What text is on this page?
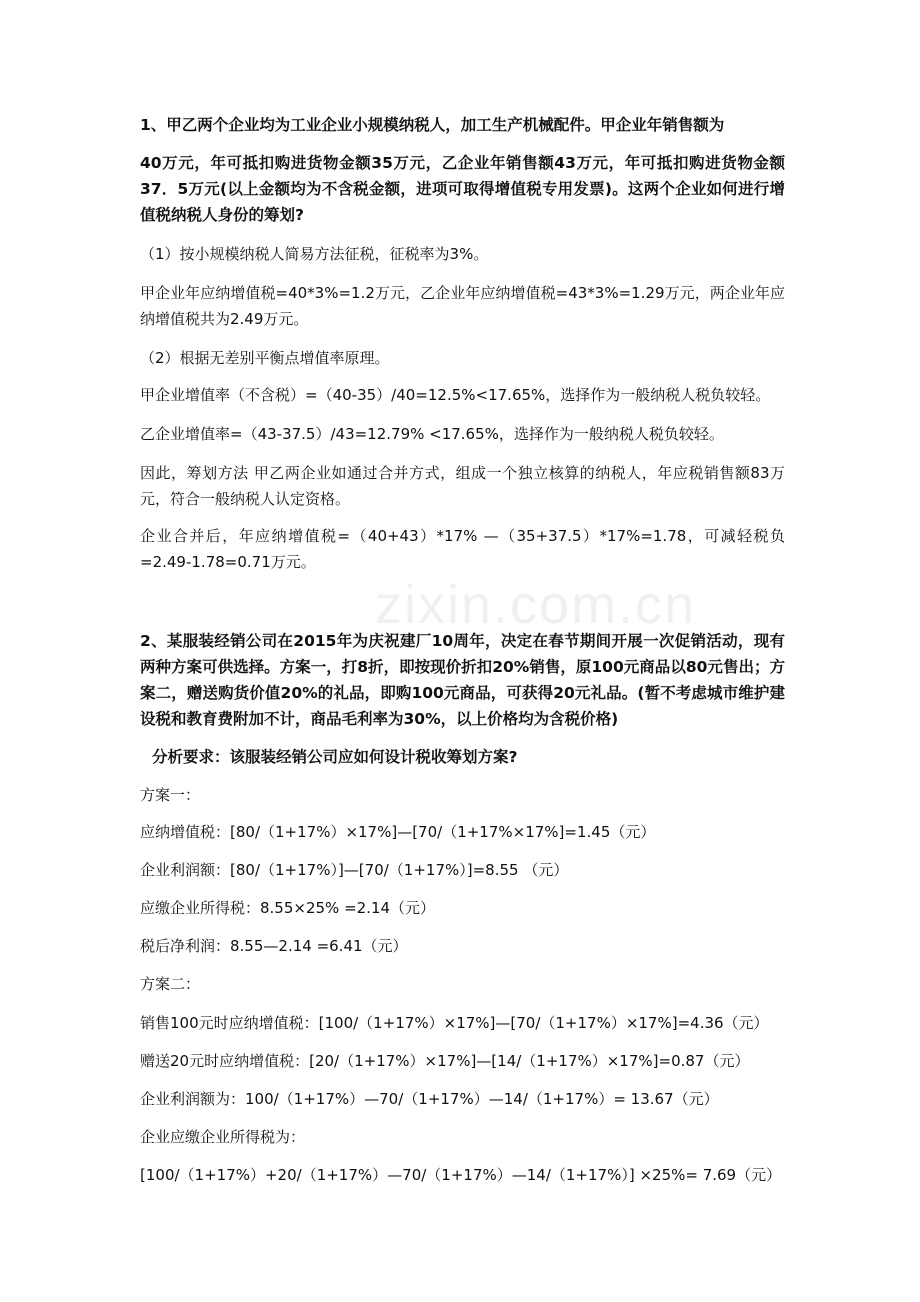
zixin.com.cn

1、甲乙两个企业均为工业企业小规模纳税人，加工生产机械配件。甲企业年销售额为

40万元，年可抵扣购进货物金额35万元，乙企业年销售额43万元，年可抵扣购进货物金额37．5万元(以上金额均为不含税金额，进项可取得增值税专用发票)。这两个企业如何进行增值税纳税人身份的筹划?

（1）按小规模纳税人简易方法征税，征税率为3%。

甲企业年应纳增值税=40*3%=1.2万元，乙企业年应纳增值税=43*3%=1.29万元，两企业年应纳增值税共为2.49万元。

（2）根据无差别平衡点增值率原理。

甲企业增值率（不含税）=（40-35）/40=12.5%<17.65%，选择作为一般纳税人税负较轻。

乙企业增值率=（43-37.5）/43=12.79% <17.65%，选择作为一般纳税人税负较轻。

因此，筹划方法 甲乙两企业如通过合并方式，组成一个独立核算的纳税人，年应税销售额83万元，符合一般纳税人认定资格。

企业合并后，年应纳增值税=（40+43）*17% —（35+37.5）*17%=1.78，可减轻税负=2.49-1.78=0.71万元。

2、某服装经销公司在2015年为庆祝建厂10周年，决定在春节期间开展一次促销活动，现有两种方案可供选择。方案一，打8折，即按现价折扣20%销售，原100元商品以80元售出；方案二，赠送购货价值20%的礼品，即购100元商品，可获得20元礼品。(暂不考虑城市维护建设税和教育费附加不计，商品毛利率为30%，以上价格均为含税价格)

分析要求：该服装经销公司应如何设计税收筹划方案?

方案一：

应纳增值税：[80/（1+17%）×17%]—[70/（1+17%×17%]=1.45（元）

企业利润额：[80/（1+17%）]—[70/（1+17%）]=8.55 （元）

应缴企业所得税：8.55×25% =2.14（元）

税后净利润：8.55—2.14 =6.41（元）

方案二：

销售100元时应纳增值税：[100/（1+17%）×17%]—[70/（1+17%）×17%]=4.36（元）

赠送20元时应纳增值税：[20/（1+17%）×17%]—[14/（1+17%）×17%]=0.87（元）

企业利润额为：100/（1+17%）—70/（1+17%）—14/（1+17%）= 13.67（元）

企业应缴企业所得税为：

[100/（1+17%）+20/（1+17%）—70/（1+17%）—14/（1+17%）] ×25%= 7.69（元）
